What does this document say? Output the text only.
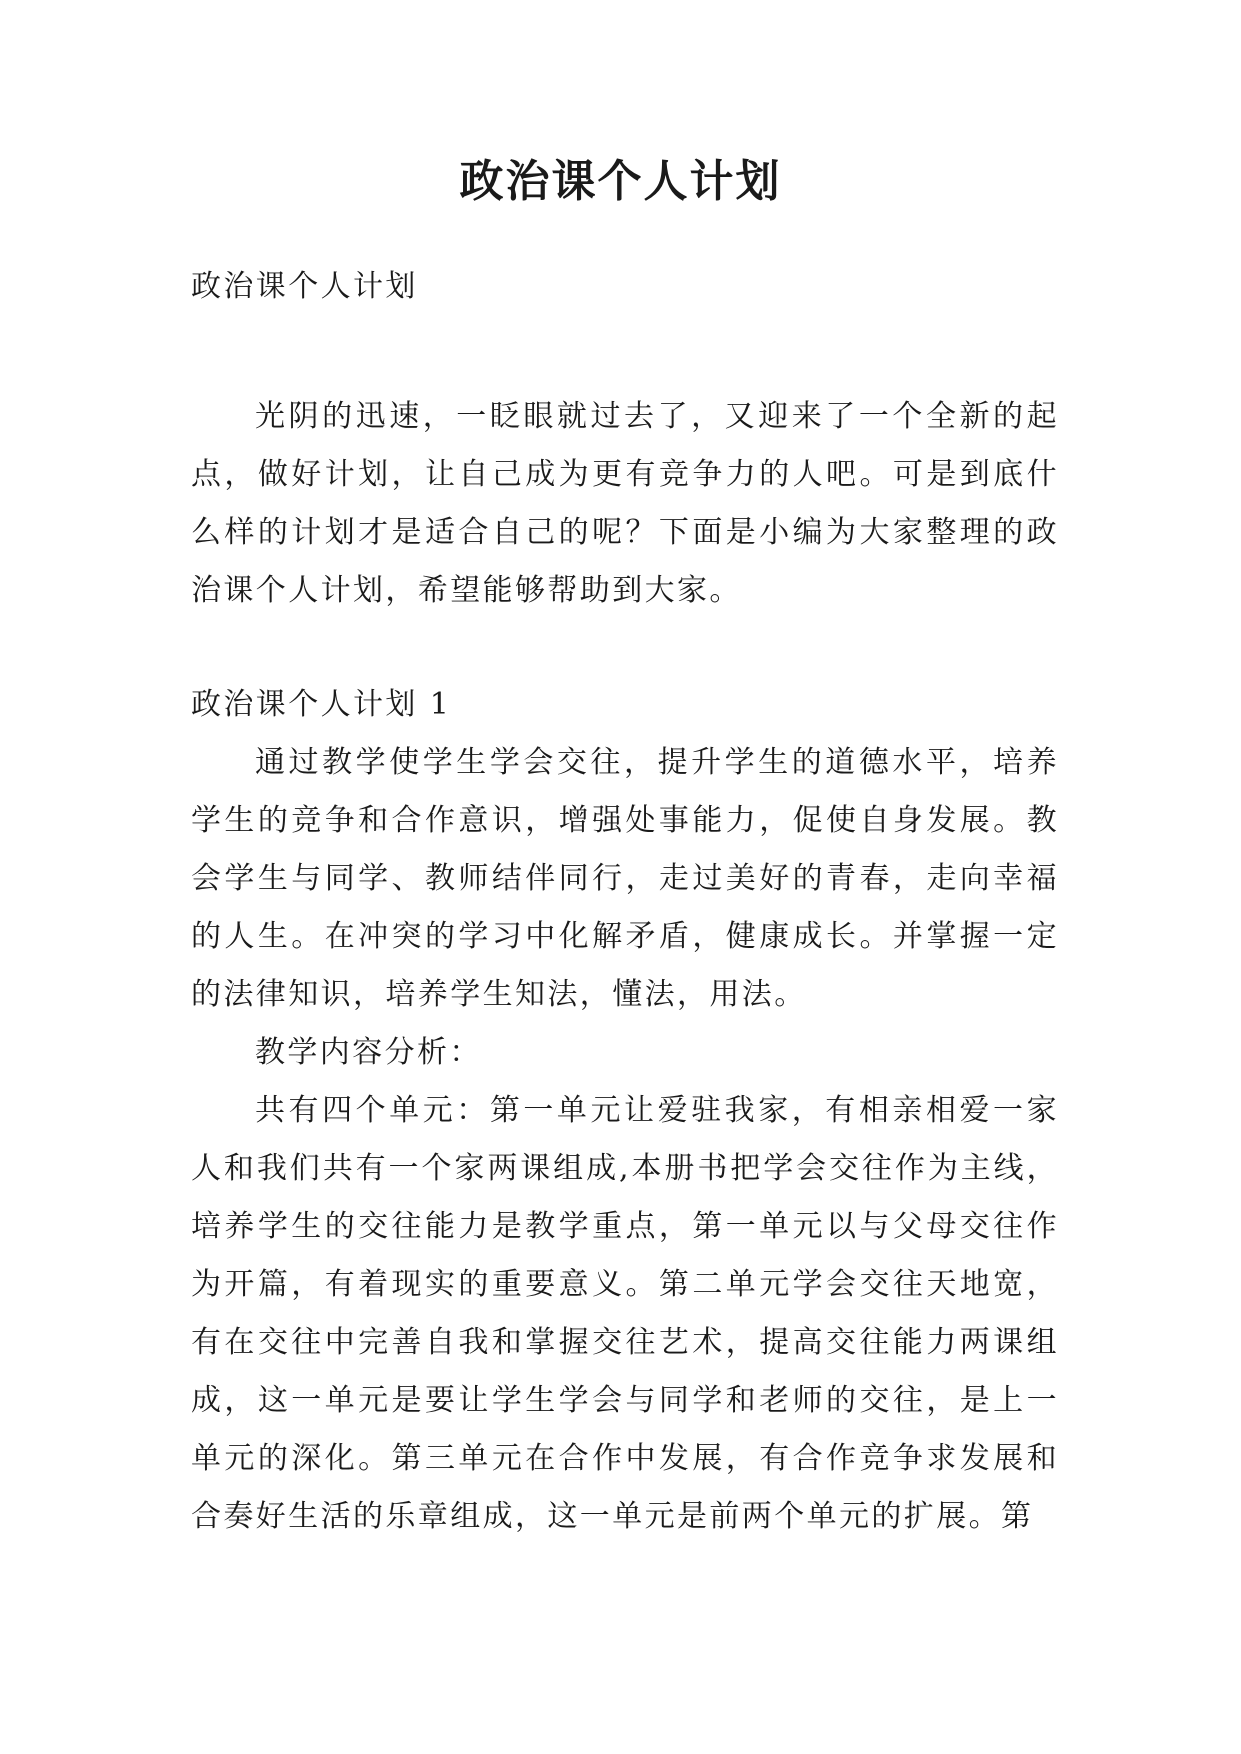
政治课个人计划

政治课个人计划

光阴的迅速，一眨眼就过去了，又迎来了一个全新的起点，做好计划，让自己成为更有竞争力的人吧。可是到底什么样的计划才是适合自己的呢？下面是小编为大家整理的政治课个人计划，希望能够帮助到大家。

政治课个人计划 1

通过教学使学生学会交往，提升学生的道德水平，培养学生的竞争和合作意识，增强处事能力，促使自身发展。教会学生与同学、教师结伴同行，走过美好的青春，走向幸福的人生。在冲突的学习中化解矛盾，健康成长。并掌握一定的法律知识，培养学生知法，懂法，用法。

教学内容分析：

共有四个单元：第一单元让爱驻我家，有相亲相爱一家人和我们共有一个家两课组成,本册书把学会交往作为主线，培养学生的交往能力是教学重点，第一单元以与父母交往作为开篇，有着现实的重要意义。第二单元学会交往天地宽，有在交往中完善自我和掌握交往艺术，提高交往能力两课组成，这一单元是要让学生学会与同学和老师的交往，是上一单元的深化。第三单元在合作中发展，有合作竞争求发展和合奏好生活的乐章组成，这一单元是前两个单元的扩展。第
